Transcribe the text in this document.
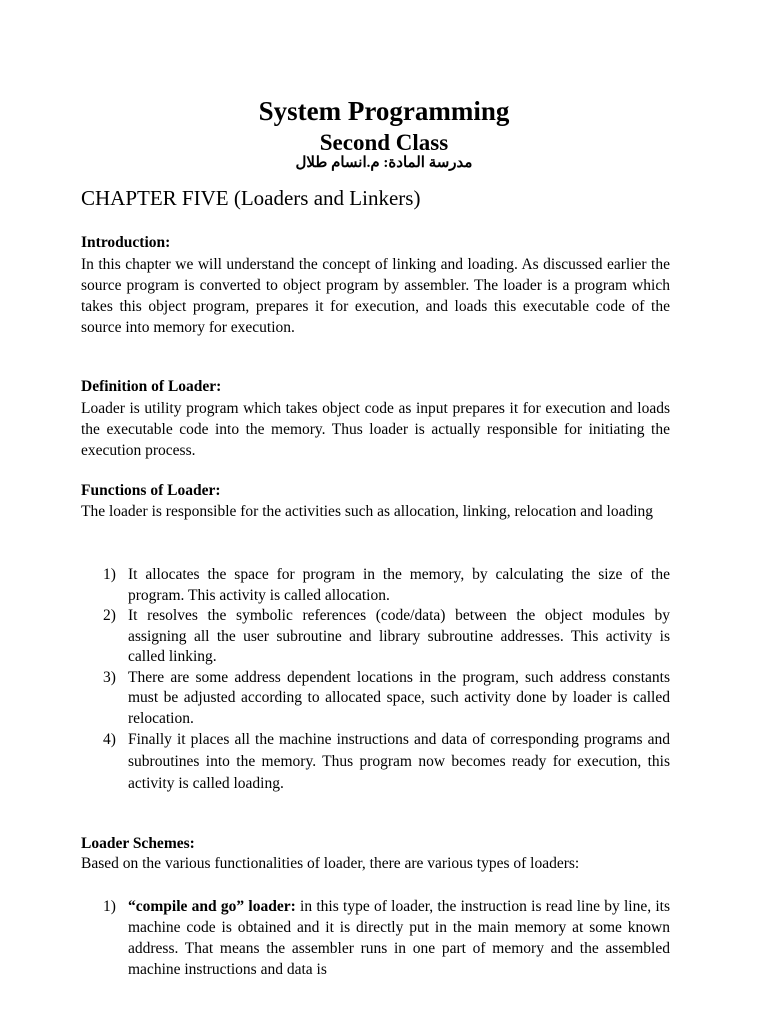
System Programming
Second Class
مدرسة المادة: م.انسام طلال
CHAPTER FIVE (Loaders and Linkers)
Introduction:
In this chapter we will understand the concept of linking and loading. As discussed earlier the source program is converted to object program by assembler. The loader is a program which takes this object program, prepares it for execution, and loads this executable code of the source into memory for execution.
Definition of Loader:
Loader is utility program which takes object code as input prepares it for execution and loads the executable code into the memory. Thus loader is actually responsible for initiating the execution process.
Functions of Loader:
The loader is responsible for the activities such as allocation, linking, relocation and loading
1) It allocates the space for program in the memory, by calculating the size of the program. This activity is called allocation.
2) It resolves the symbolic references (code/data) between the object modules by assigning all the user subroutine and library subroutine addresses. This activity is called linking.
3) There are some address dependent locations in the program, such address constants must be adjusted according to allocated space, such activity done by loader is called relocation.
4) Finally it places all the machine instructions and data of corresponding programs and subroutines into the memory. Thus program now becomes ready for execution, this activity is called loading.
Loader Schemes:
Based on the various functionalities of loader, there are various types of loaders:
1) “compile and go” loader: in this type of loader, the instruction is read line by line, its machine code is obtained and it is directly put in the main memory at some known address. That means the assembler runs in one part of memory and the assembled machine instructions and data is
